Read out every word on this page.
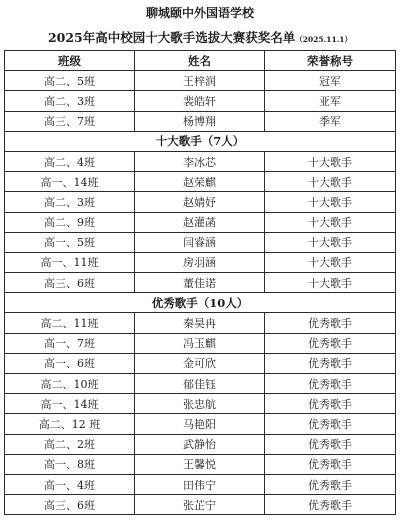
聊城颐中外国语学校
2025年高中校园十大歌手选拔大赛获奖名单（2025.11.1）
班级	姓名	荣誉称号
高二、5班	王梓润	冠军
高二、3班	裴皓轩	亚军
高三、7班	杨博翔	季军
十大歌手（7人）		
高二、4班	李冰芯	十大歌手
高一、14班	赵荣麒	十大歌手
高二、3班	赵婧妤	十大歌手
高二、9班	赵灌菡	十大歌手
高一、5班	闫睿涵	十大歌手
高一、11班	房羽涵	十大歌手
高三、6班	董佳诺	十大歌手
优秀歌手（10人）		
高二、11班	秦昊冉	优秀歌手
高一、7班	冯玉麒	优秀歌手
高一、6班	金可欣	优秀歌手
高二、10班	郁佳钰	优秀歌手
高一、14班	张忠航	优秀歌手
高二、12 班	马艳阳	优秀歌手
高二、2班	武静怡	优秀歌手
高一、8班	王馨悦	优秀歌手
高一、4班	田伟宁	优秀歌手
高三、6班	张芷宁	优秀歌手
